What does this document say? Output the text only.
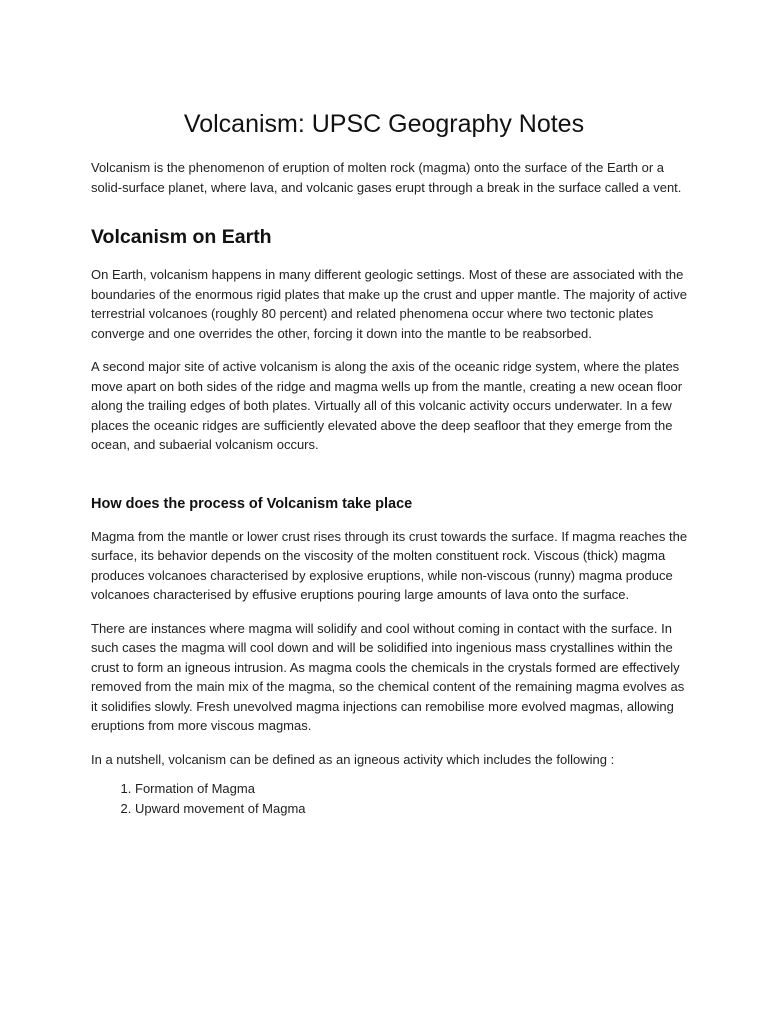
Volcanism: UPSC Geography Notes

Volcanism is the phenomenon of eruption of molten rock (magma) onto the surface of the Earth or a solid-surface planet, where lava, and volcanic gases erupt through a break in the surface called a vent.

Volcanism on Earth

On Earth, volcanism happens in many different geologic settings. Most of these are associated with the boundaries of the enormous rigid plates that make up the crust and upper mantle. The majority of active terrestrial volcanoes (roughly 80 percent) and related phenomena occur where two tectonic plates converge and one overrides the other, forcing it down into the mantle to be reabsorbed.

A second major site of active volcanism is along the axis of the oceanic ridge system, where the plates move apart on both sides of the ridge and magma wells up from the mantle, creating a new ocean floor along the trailing edges of both plates. Virtually all of this volcanic activity occurs underwater. In a few places the oceanic ridges are sufficiently elevated above the deep seafloor that they emerge from the ocean, and subaerial volcanism occurs.

How does the process of Volcanism take place

Magma from the mantle or lower crust rises through its crust towards the surface. If magma reaches the surface, its behavior depends on the viscosity of the molten constituent rock. Viscous (thick) magma produces volcanoes characterised by explosive eruptions, while non-viscous (runny) magma produce volcanoes characterised by effusive eruptions pouring large amounts of lava onto the surface.

There are instances where magma will solidify and cool without coming in contact with the surface. In such cases the magma will cool down and will be solidified into ingenious mass crystallines within the crust to form an igneous intrusion. As magma cools the chemicals in the crystals formed are effectively removed from the main mix of the magma, so the chemical content of the remaining magma evolves as it solidifies slowly. Fresh unevolved magma injections can remobilise more evolved magmas, allowing eruptions from more viscous magmas.

In a nutshell, volcanism can be defined as an igneous activity which includes the following :

1. Formation of Magma
2. Upward movement of Magma
